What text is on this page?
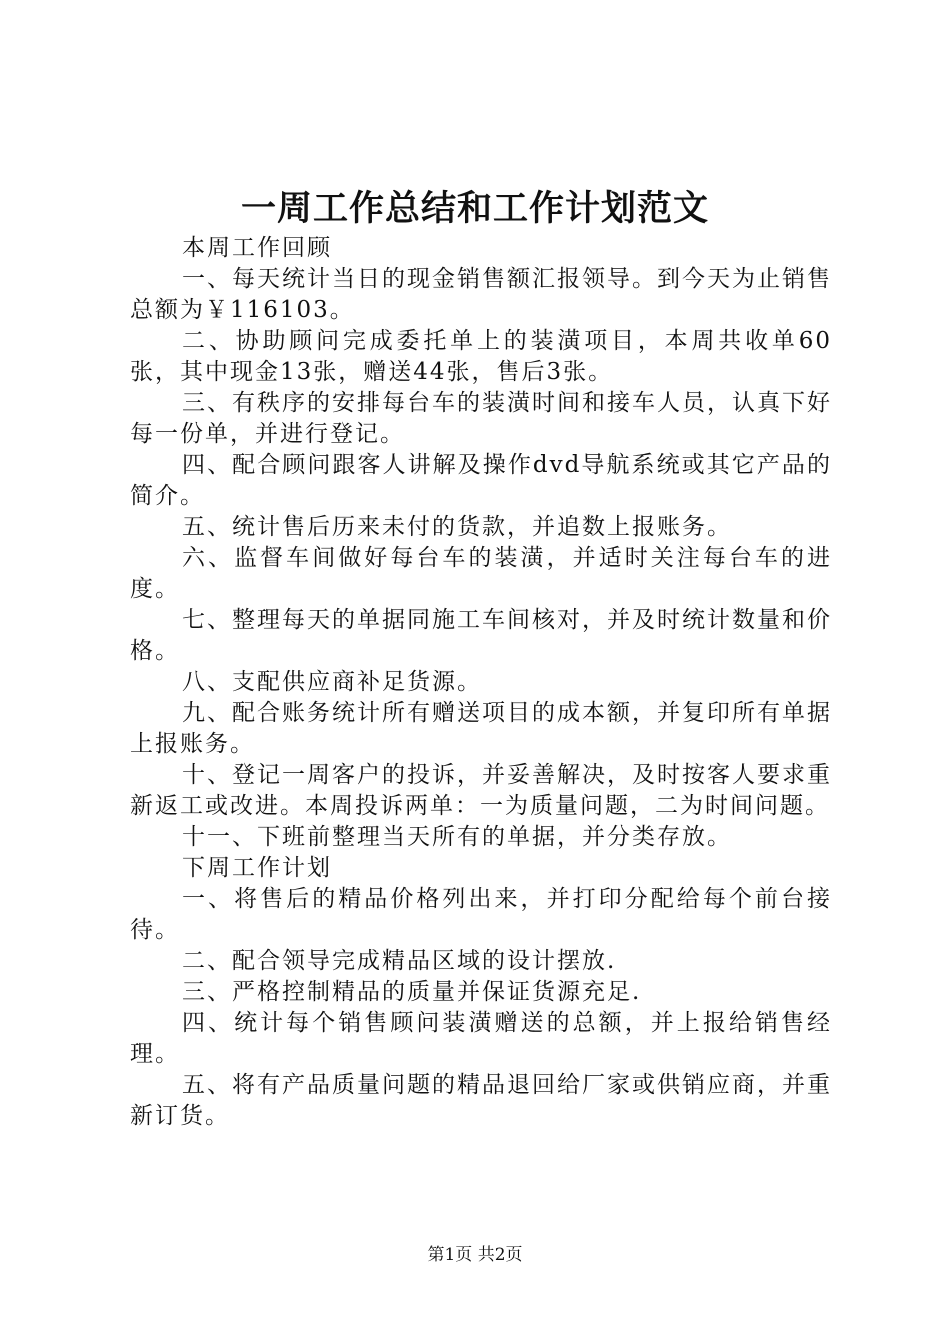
一周工作总结和工作计划范文

本周工作回顾

一、每天统计当日的现金销售额汇报领导。到今天为止销售总额为￥116103。

二、协助顾问完成委托单上的装潢项目，本周共收单60张，其中现金13张，赠送44张，售后3张。

三、有秩序的安排每台车的装潢时间和接车人员，认真下好每一份单，并进行登记。

四、配合顾问跟客人讲解及操作dvd导航系统或其它产品的简介。

五、统计售后历来未付的货款，并追数上报账务。

六、监督车间做好每台车的装潢，并适时关注每台车的进度。

七、整理每天的单据同施工车间核对，并及时统计数量和价格。

八、支配供应商补足货源。

九、配合账务统计所有赠送项目的成本额，并复印所有单据上报账务。

十、登记一周客户的投诉，并妥善解决，及时按客人要求重新返工或改进。本周投诉两单：一为质量问题，二为时间问题。

十一、下班前整理当天所有的单据，并分类存放。

下周工作计划

一、将售后的精品价格列出来，并打印分配给每个前台接待。

二、配合领导完成精品区域的设计摆放.

三、严格控制精品的质量并保证货源充足.

四、统计每个销售顾问装潢赠送的总额，并上报给销售经理。

五、将有产品质量问题的精品退回给厂家或供销应商，并重新订货。

第1页 共2页
